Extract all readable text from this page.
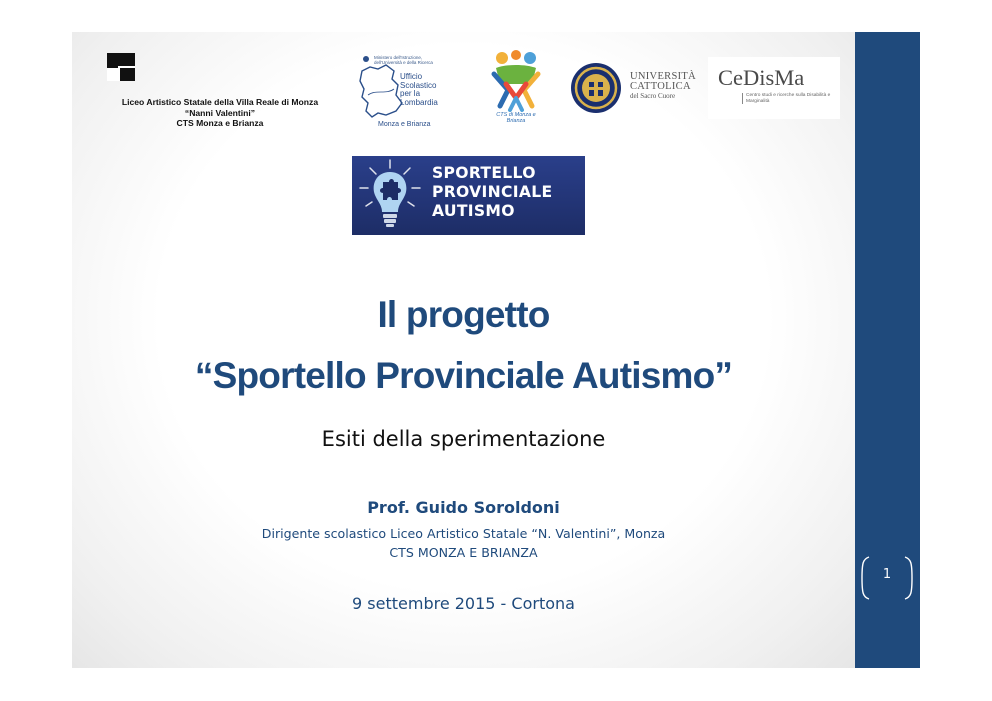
Liceo Artistico Statale della Villa Reale di Monza
“Nanni Valentini”
CTS Monza e Brianza
Ministero dell'Istruzione, dell'Università e della Ricerca
Ufficio
Scolastico
per la
Lombardia
Monza e Brianza
CTS di Monza e Brianza
UNIVERSITÀ
CATTOLICA
del Sacro Cuore
CeDisMa
Centro studi e ricerche sulla Disabilità e Marginalità
SPORTELLO
PROVINCIALE
AUTISMO
Il progetto
“Sportello Provinciale Autismo”
Esiti della sperimentazione
Prof. Guido Soroldoni
Dirigente scolastico Liceo Artistico Statale “N. Valentini”, Monza
CTS MONZA E BRIANZA
9 settembre 2015 - Cortona
1
